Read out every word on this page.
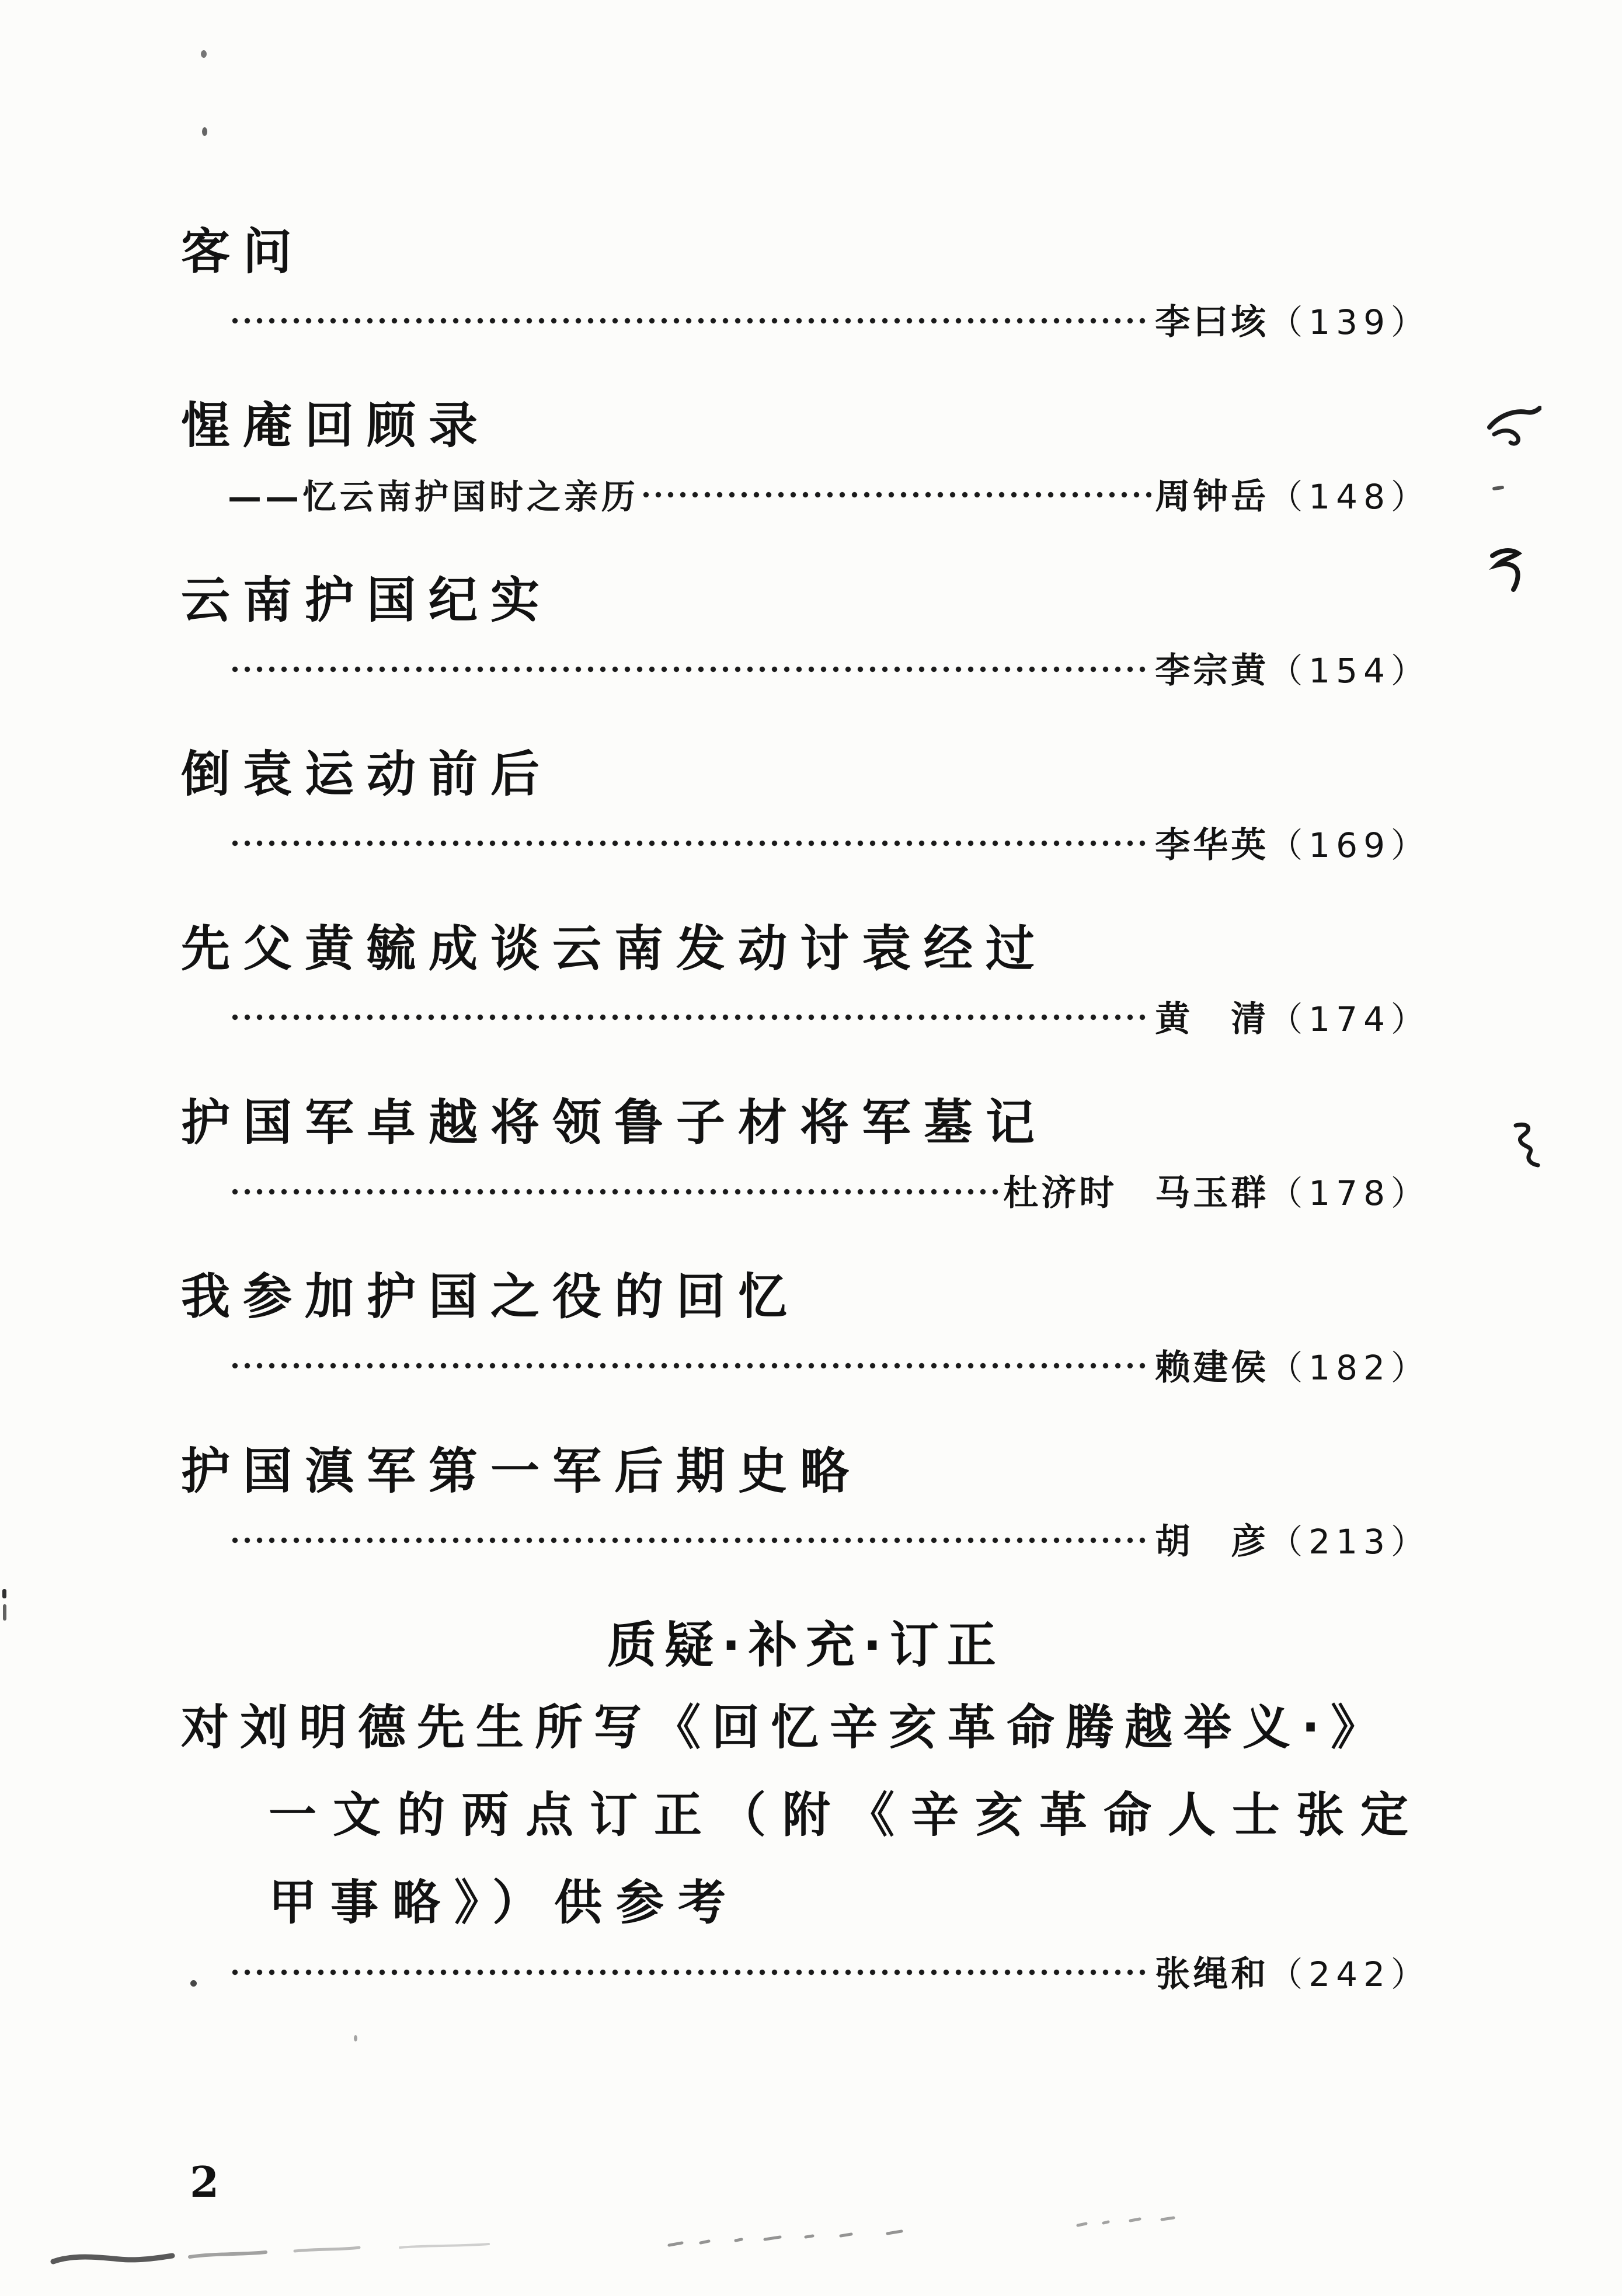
客问
李曰垓 （139）
惺庵回顾录
——忆云南护国时之亲历	周钟岳 （148）
云南护国纪实
李宗黄 （154）
倒袁运动前后
李华英 （169）
先父黄毓成谈云南发动讨袁经过
黄　清 （174）
护国军卓越将领鲁子材将军墓记
杜济时　马玉群 （178）
我参加护国之役的回忆
赖建侯 （182）
护国滇军第一军后期史略
胡　彦 （213）
质疑·补充·订正
对刘明德先生所写《回忆辛亥革命腾越举义·》
一文的两点订正（附《辛亥革命人士张定
甲事略》）供参考
张绳和 （242）
2
